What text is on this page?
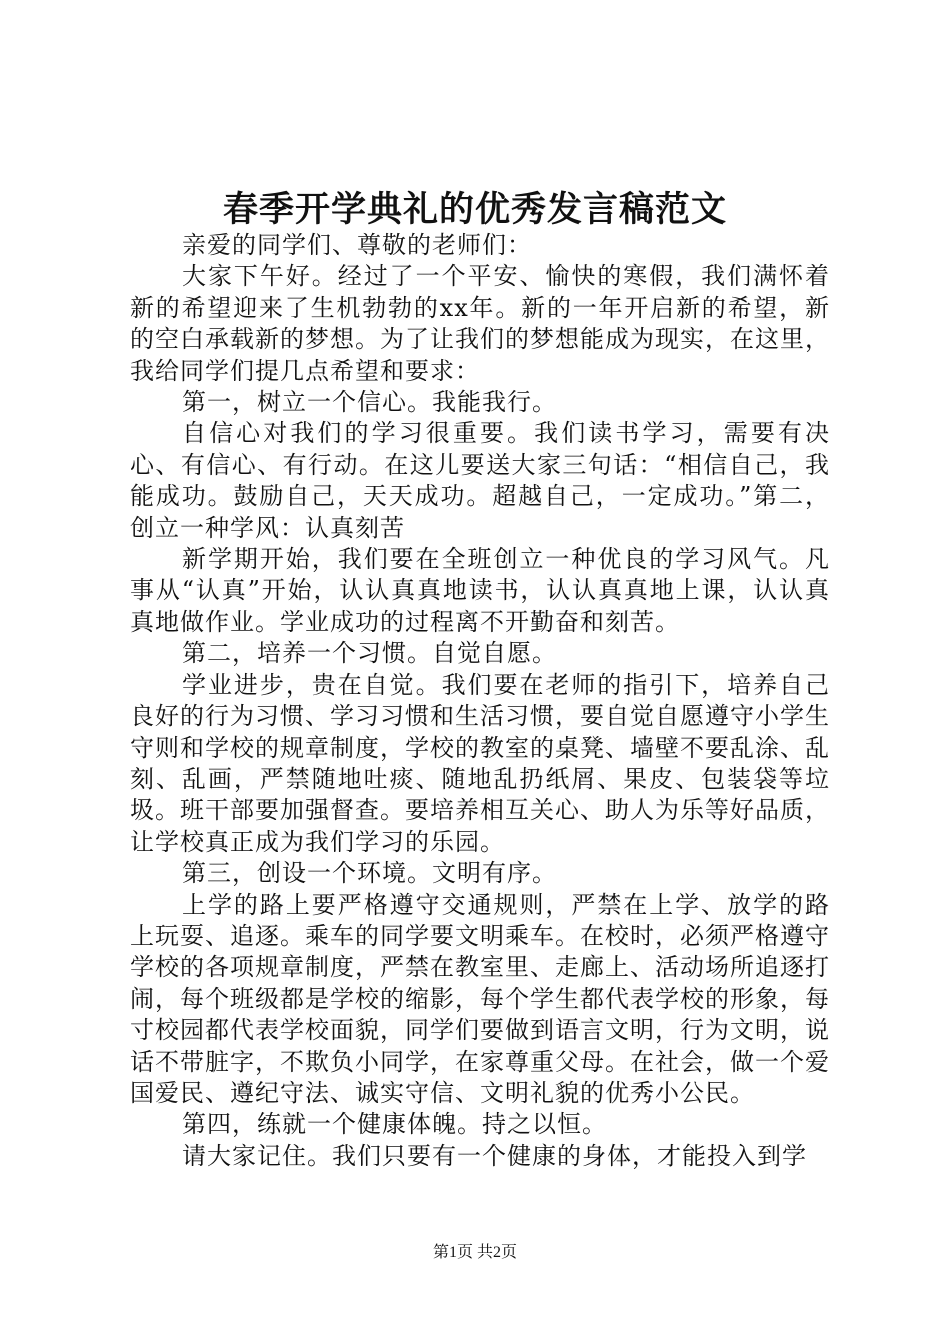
春季开学典礼的优秀发言稿范文

亲爱的同学们、尊敬的老师们：

大家下午好。经过了一个平安、愉快的寒假，我们满怀着新的希望迎来了生机勃勃的xx年。新的一年开启新的希望，新的空白承载新的梦想。为了让我们的梦想能成为现实，在这里，我给同学们提几点希望和要求：

第一，树立一个信心。我能我行。

自信心对我们的学习很重要。我们读书学习，需要有决心、有信心、有行动。在这儿要送大家三句话：“相信自己，我能成功。鼓励自己，天天成功。超越自己，一定成功。”第二，创立一种学风：认真刻苦

新学期开始，我们要在全班创立一种优良的学习风气。凡事从“认真”开始，认认真真地读书，认认真真地上课，认认真真地做作业。学业成功的过程离不开勤奋和刻苦。

第二，培养一个习惯。自觉自愿。

学业进步，贵在自觉。我们要在老师的指引下，培养自己良好的行为习惯、学习习惯和生活习惯，要自觉自愿遵守小学生守则和学校的规章制度，学校的教室的桌凳、墙壁不要乱涂、乱刻、乱画，严禁随地吐痰、随地乱扔纸屑、果皮、包装袋等垃圾。班干部要加强督查。要培养相互关心、助人为乐等好品质，让学校真正成为我们学习的乐园。

第三，创设一个环境。文明有序。

上学的路上要严格遵守交通规则，严禁在上学、放学的路上玩耍、追逐。乘车的同学要文明乘车。在校时，必须严格遵守学校的各项规章制度，严禁在教室里、走廊上、活动场所追逐打闹，每个班级都是学校的缩影，每个学生都代表学校的形象，每寸校园都代表学校面貌，同学们要做到语言文明，行为文明，说话不带脏字，不欺负小同学，在家尊重父母。在社会，做一个爱国爱民、遵纪守法、诚实守信、文明礼貌的优秀小公民。

第四，练就一个健康体魄。持之以恒。

请大家记住。我们只要有一个健康的身体，才能投入到学

第1页 共2页
